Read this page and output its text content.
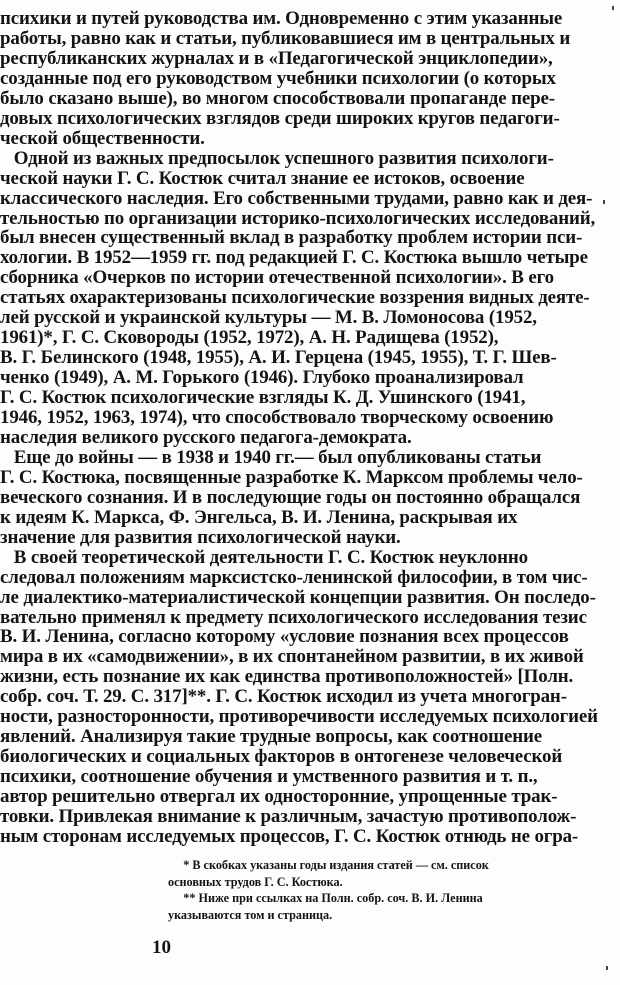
психики и путей руководства им. Одновременно с этим указанные
работы, равно как и статьи, публиковавшиеся им в центральных и
республиканских журналах и в «Педагогической энциклопедии»,
созданные под его руководством учебники психологии (о которых
было сказано выше), во многом способствовали пропаганде пере-
довых психологических взглядов среди широких кругов педагоги-
ческой общественности.
Одной из важных предпосылок успешного развития психологи-
ческой науки Г. С. Костюк считал знание ее истоков, освоение
классического наследия. Его собственными трудами, равно как и дея-
тельностью по организации историко-психологических исследований,
был внесен существенный вклад в разработку проблем истории пси-
хологии. В 1952—1959 гг. под редакцией Г. С. Костюка вышло четыре
сборника «Очерков по истории отечественной психологии». В его
статьях охарактеризованы психологические воззрения видных деяте-
лей русской и украинской культуры — М. В. Ломоносова (1952,
1961)*, Г. С. Сковороды (1952, 1972), А. Н. Радищева (1952),
В. Г. Белинского (1948, 1955), А. И. Герцена (1945, 1955), Т. Г. Шев-
ченко (1949), А. М. Горького (1946). Глубоко проанализировал
Г. С. Костюк психологические взгляды К. Д. Ушинского (1941,
1946, 1952, 1963, 1974), что способствовало творческому освоению
наследия великого русского педагога-демократа.
Еще до войны — в 1938 и 1940 гг.— был опубликованы статьи
Г. С. Костюка, посвященные разработке К. Марксом проблемы чело-
веческого сознания. И в последующие годы он постоянно обращался
к идеям К. Маркса, Ф. Энгельса, В. И. Ленина, раскрывая их
значение для развития психологической науки.
В своей теоретической деятельности Г. С. Костюк неуклонно
следовал положениям марксистско-ленинской философии, в том чис-
ле диалектико-материалистической концепции развития. Он последо-
вательно применял к предмету психологического исследования тезис
В. И. Ленина, согласно которому «условие познания всех процессов
мира в их «самодвижении», в их спонтанейном развитии, в их живой
жизни, есть познание их как единства противоположностей» [Полн.
собр. соч. Т. 29. С. 317]**. Г. С. Костюк исходил из учета многогран-
ности, разносторонности, противоречивости исследуемых психологией
явлений. Анализируя такие трудные вопросы, как соотношение
биологических и социальных факторов в онтогенезе человеческой
психики, соотношение обучения и умственного развития и т. п.,
автор решительно отвергал их односторонние, упрощенные трак-
товки. Привлекая внимание к различным, зачастую противополож-
ным сторонам исследуемых процессов, Г. С. Костюк отнюдь не огра-
* В скобках указаны годы издания статей — см. список
основных трудов Г. С. Костюка.
** Ниже при ссылках на Полн. собр. соч. В. И. Ленина
указываются том и страница.
10
